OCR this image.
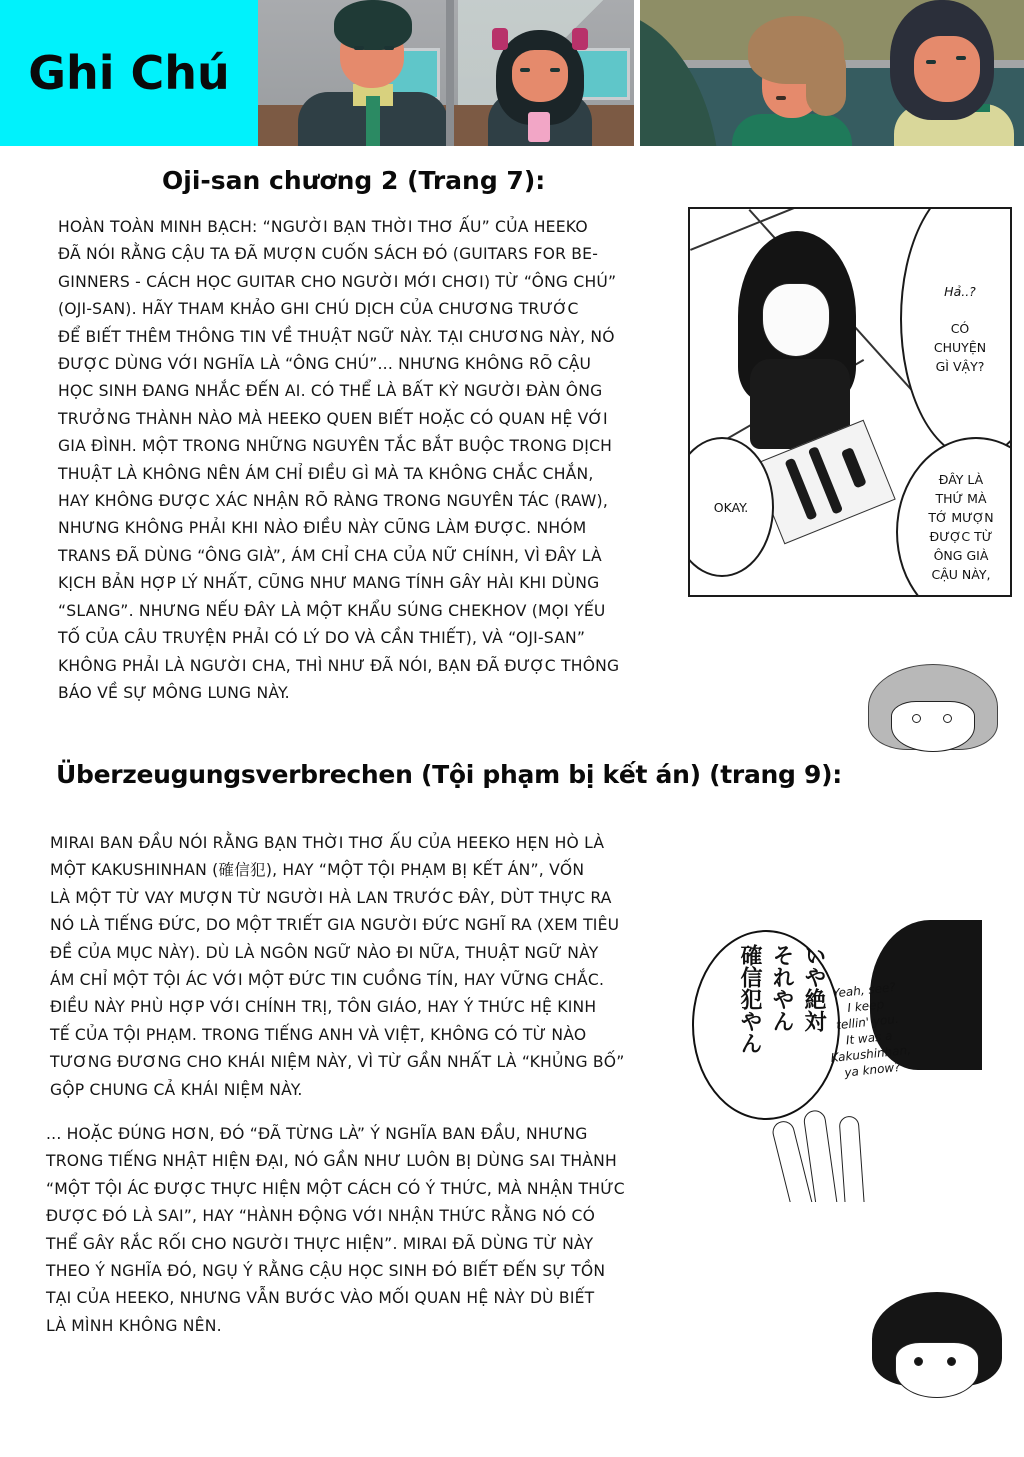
Ghi Chú
Oji-san chương 2 (Trang 7):
HOÀN TOÀN MINH BẠCH: “NGƯỜI BẠN THỜI THƠ ẤU” CỦA HEEKO
ĐÃ NÓI RẰNG CẬU TA ĐÃ MƯỢN CUỐN SÁCH ĐÓ (GUITARS FOR BE-
GINNERS - CÁCH HỌC GUITAR CHO NGƯỜI MỚI CHƠI) TỪ “ÔNG CHÚ”
(OJI-SAN). HÃY THAM KHẢO GHI CHÚ DỊCH CỦA CHƯƠNG TRƯỚC
ĐỂ BIẾT THÊM THÔNG TIN VỀ THUẬT NGỮ NÀY. TẠI CHƯƠNG NÀY, NÓ
ĐƯỢC DÙNG VỚI NGHĨA LÀ “ÔNG CHÚ”... NHƯNG KHÔNG RÕ CẬU
HỌC SINH ĐANG NHẮC ĐẾN AI. CÓ THỂ LÀ BẤT KỲ NGƯỜI ĐÀN ÔNG
TRƯỞNG THÀNH NÀO MÀ HEEKO QUEN BIẾT HOẶC CÓ QUAN HỆ VỚI
GIA ĐÌNH. MỘT TRONG NHỮNG NGUYÊN TẮC BẮT BUỘC TRONG DỊCH
THUẬT LÀ KHÔNG NÊN ÁM CHỈ ĐIỀU GÌ MÀ TA KHÔNG CHẮC CHẮN,
HAY KHÔNG ĐƯỢC XÁC NHẬN RÕ RÀNG TRONG NGUYÊN TÁC (RAW),
NHƯNG KHÔNG PHẢI KHI NÀO ĐIỀU NÀY CŨNG LÀM ĐƯỢC. NHÓM
TRANS ĐÃ DÙNG “ÔNG GIÀ”, ÁM CHỈ CHA CỦA NỮ CHÍNH, VÌ ĐÂY LÀ
KỊCH BẢN HỢP LÝ NHẤT, CŨNG NHƯ MANG TÍNH GÂY HÀI KHI DÙNG
“SLANG”. NHƯNG NẾU ĐÂY LÀ MỘT KHẨU SÚNG CHEKHOV (MỌI YẾU
TỐ CỦA CÂU TRUYỆN PHẢI CÓ LÝ DO VÀ CẦN THIẾT), VÀ “OJI-SAN”
KHÔNG PHẢI LÀ NGƯỜI CHA, THÌ NHƯ ĐÃ NÓI, BẠN ĐÃ ĐƯỢC THÔNG
BÁO VỀ SỰ MÔNG LUNG NÀY.
Hả..?
CÓ
CHUYỆN
GÌ VẬY?
OKAY.
ĐÂY LÀ
THỨ MÀ
TỚ MƯỢN
ĐƯỢC TỪ
ÔNG GIÀ
CẬU NÀY,
Überzeugungsverbrechen (Tội phạm bị kết án) (trang 9):
MIRAI BAN ĐẦU NÓI RẰNG BẠN THỜI THƠ ẤU CỦA HEEKO HẸN HÒ LÀ
MỘT KAKUSHINHAN (確信犯), HAY “MỘT TỘI PHẠM BỊ KẾT ÁN”, VỐN
LÀ MỘT TỪ VAY MƯỢN TỪ NGƯỜI HÀ LAN TRƯỚC ĐÂY, DÙT THỰC RA
NÓ LÀ TIẾNG ĐỨC, DO MỘT TRIẾT GIA NGƯỜI ĐỨC NGHĨ RA (XEM TIÊU
ĐỀ CỦA MỤC NÀY). DÙ LÀ NGÔN NGỮ NÀO ĐI NỮA, THUẬT NGỮ NÀY
ÁM CHỈ MỘT TỘI ÁC VỚI MỘT ĐỨC TIN CUỒNG TÍN, HAY VỮNG CHẮC.
ĐIỀU NÀY PHÙ HỢP VỚI CHÍNH TRỊ, TÔN GIÁO, HAY Ý THỨC HỆ KINH
TẾ CỦA TỘI PHẠM. TRONG TIẾNG ANH VÀ VIỆT, KHÔNG CÓ TỪ NÀO
TƯƠNG ĐƯƠNG CHO KHÁI NIỆM NÀY, VÌ TỪ GẦN NHẤT LÀ “KHỦNG BỐ”
GỘP CHUNG CẢ KHÁI NIỆM NÀY.
... HOẶC ĐÚNG HƠN, ĐÓ “ĐÃ TỪNG LÀ” Ý NGHĨA BAN ĐẦU, NHƯNG
TRONG TIẾNG NHẬT HIỆN ĐẠI, NÓ GẦN NHƯ LUÔN BỊ DÙNG SAI THÀNH
“MỘT TỘI ÁC ĐƯỢC THỰC HIỆN MỘT CÁCH CÓ Ý THỨC, MÀ NHẬN THỨC
ĐƯỢC ĐÓ LÀ SAI”, HAY “HÀNH ĐỘNG VỚI NHẬN THỨC RẰNG NÓ CÓ
THỂ GÂY RẮC RỐI CHO NGƯỜI THỰC HIỆN”. MIRAI ĐÃ DÙNG TỪ NÀY
THEO Ý NGHĨA ĐÓ, NGỤ Ý RẰNG CẬU HỌC SINH ĐÓ BIẾT ĐẾN SỰ TỒN
TẠI CỦA HEEKO, NHƯNG VẪN BƯỚC VÀO MỐI QUAN HỆ NÀY DÙ BIẾT
LÀ MÌNH KHÔNG NÊN.
いや絶対
それやん
確信犯やん	Yeah, see?
I keep
tellin' you.
It was a
Kakushinhan,
ya know?
